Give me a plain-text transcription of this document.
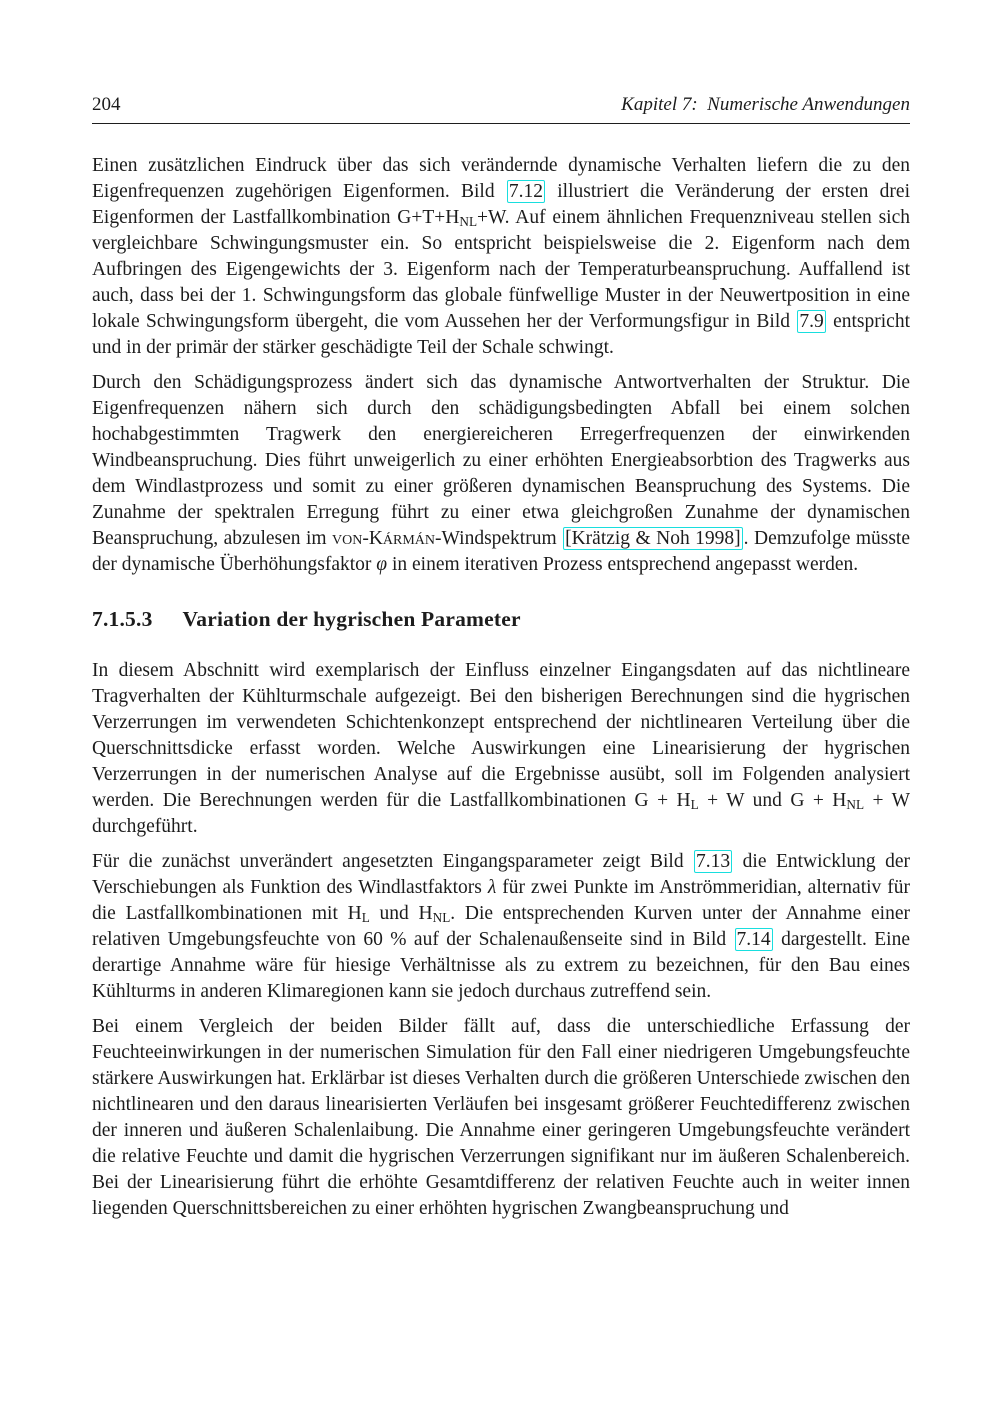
204	Kapitel 7:  Numerische Anwendungen

Einen zusätzlichen Eindruck über das sich verändernde dynamische Verhalten liefern die zu den Eigenfrequenzen zugehörigen Eigenformen. Bild 7.12 illustriert die Veränderung der ersten drei Eigenformen der Lastfallkombination $G+T+H_{NL}+W$. Auf einem ähnlichen Frequenzniveau stellen sich vergleichbare Schwingungsmuster ein. So entspricht beispielsweise die 2. Eigenform nach dem Aufbringen des Eigengewichts der 3. Eigenform nach der Temperaturbeanspruchung. Auffallend ist auch, dass bei der 1. Schwingungsform das globale fünfwellige Muster in der Neuwertposition in eine lokale Schwingungsform übergeht, die vom Aussehen her der Verformungsfigur in Bild 7.9 entspricht und in der primär der stärker geschädigte Teil der Schale schwingt.

Durch den Schädigungsprozess ändert sich das dynamische Antwortverhalten der Struktur. Die Eigenfrequenzen nähern sich durch den schädigungsbedingten Abfall bei einem solchen hochabgestimmten Tragwerk den energiereicheren Erregerfrequenzen der einwirkenden Windbeanspruchung. Dies führt unweigerlich zu einer erhöhten Energieabsorbtion des Tragwerks aus dem Windlastprozess und somit zu einer größeren dynamischen Beanspruchung des Systems. Die Zunahme der spektralen Erregung führt zu einer etwa gleichgroßen Zunahme der dynamischen Beanspruchung, abzulesen im von-Kármán-Windspektrum [Krätzig & Noh 1998] . Demzufolge müsste der dynamische Überhöhungsfaktor φ in einem iterativen Prozess entsprechend angepasst werden.

7.1.5.3 Variation der hygrischen Parameter

In diesem Abschnitt wird exemplarisch der Einfluss einzelner Eingangsdaten auf das nichtlineare Tragverhalten der Kühlturmschale aufgezeigt. Bei den bisherigen Berechnungen sind die hygrischen Verzerrungen im verwendeten Schichtenkonzept entsprechend der nichtlinearen Verteilung über die Querschnittsdicke erfasst worden. Welche Auswirkungen eine Linearisierung der hygrischen Verzerrungen in der numerischen Analyse auf die Ergebnisse ausübt, soll im Folgenden analysiert werden. Die Berechnungen werden für die Lastfallkombinationen $G + H_L + W$ und $G + H_{NL} + W$ durchgeführt.

Für die zunächst unverändert angesetzten Eingangsparameter zeigt Bild 7.13 die Entwicklung der Verschiebungen als Funktion des Windlastfaktors λ für zwei Punkte im Anströmmeridian, alternativ für die Lastfallkombinationen mit $H_L$ und $H_{NL}$. Die entsprechenden Kurven unter der Annahme einer relativen Umgebungsfeuchte von 60 % auf der Schalenaußenseite sind in Bild 7.14 dargestellt. Eine derartige Annahme wäre für hiesige Verhältnisse als zu extrem zu bezeichnen, für den Bau eines Kühlturms in anderen Klimaregionen kann sie jedoch durchaus zutreffend sein.

Bei einem Vergleich der beiden Bilder fällt auf, dass die unterschiedliche Erfassung der Feuchteeinwirkungen in der numerischen Simulation für den Fall einer niedrigeren Umgebungsfeuchte stärkere Auswirkungen hat. Erklärbar ist dieses Verhalten durch die größeren Unterschiede zwischen den nichtlinearen und den daraus linearisierten Verläufen bei insgesamt größerer Feuchtedifferenz zwischen der inneren und äußeren Schalenlaibung. Die Annahme einer geringeren Umgebungsfeuchte verändert die relative Feuchte und damit die hygrischen Verzerrungen signifikant nur im äußeren Schalenbereich. Bei der Linearisierung führt die erhöhte Gesamtdifferenz der relativen Feuchte auch in weiter innen liegenden Querschnittsbereichen zu einer erhöhten hygrischen Zwangbeanspruchung und
